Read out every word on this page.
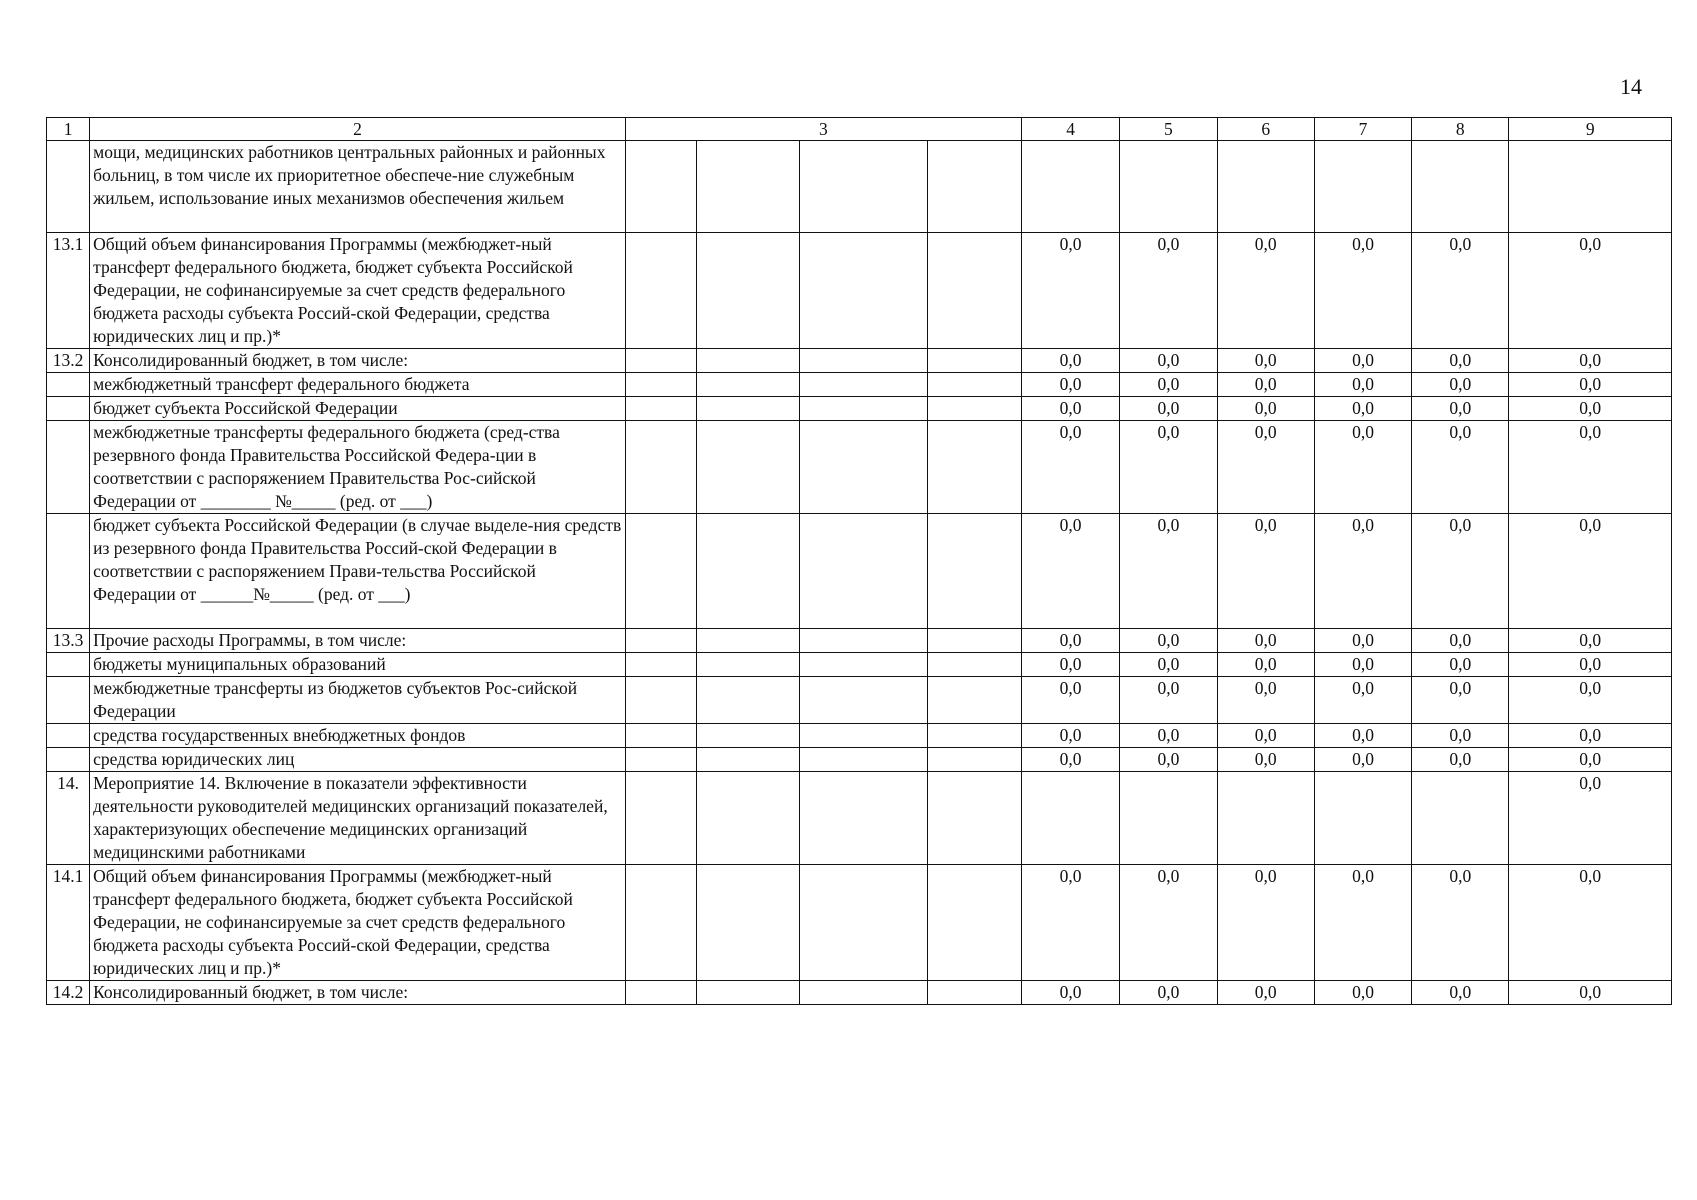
14
1	2	3				4	5	6	7	8	9
	мощи, медицинских работников центральных районных и районных больниц, в том числе их приоритетное обеспече-ние служебным жильем, использование иных механизмов обеспечения жильем										
13.1	Общий объем финансирования Программы (межбюджет-ный трансферт федерального бюджета, бюджет субъекта Российской Федерации, не софинансируемые за счет средств федерального бюджета расходы субъекта Россий-ской Федерации, средства юридических лиц и пр.)*					0,0	0,0	0,0	0,0	0,0	0,0
13.2	Консолидированный бюджет, в том числе:					0,0	0,0	0,0	0,0	0,0	0,0
	межбюджетный трансферт федерального бюджета					0,0	0,0	0,0	0,0	0,0	0,0
	бюджет субъекта Российской Федерации					0,0	0,0	0,0	0,0	0,0	0,0
	межбюджетные трансферты федерального бюджета (сред-ства резервного фонда Правительства Российской Федера-ции в соответствии с распоряжением Правительства Рос-сийской Федерации от ________ №_____ (ред. от ___)					0,0	0,0	0,0	0,0	0,0	0,0
	бюджет субъекта Российской Федерации (в случае выделе-ния средств из резервного фонда Правительства Россий-ской Федерации в соответствии с распоряжением Прави-тельства Российской Федерации от ______№_____ (ред. от ___)					0,0	0,0	0,0	0,0	0,0	0,0
13.3	Прочие расходы Программы, в том числе:					0,0	0,0	0,0	0,0	0,0	0,0
	бюджеты муниципальных образований					0,0	0,0	0,0	0,0	0,0	0,0
	межбюджетные трансферты из бюджетов субъектов Рос-сийской Федерации					0,0	0,0	0,0	0,0	0,0	0,0
	средства государственных внебюджетных фондов					0,0	0,0	0,0	0,0	0,0	0,0
	средства юридических лиц					0,0	0,0	0,0	0,0	0,0	0,0
14.	Мероприятие 14. Включение в показатели эффективности деятельности руководителей медицинских организаций показателей, характеризующих обеспечение медицинских организаций медицинскими работниками										0,0
14.1	Общий объем финансирования Программы (межбюджет-ный трансферт федерального бюджета, бюджет субъекта Российской Федерации, не софинансируемые за счет средств федерального бюджета расходы субъекта Россий-ской Федерации, средства юридических лиц и пр.)*					0,0	0,0	0,0	0,0	0,0	0,0
14.2	Консолидированный бюджет, в том числе:					0,0	0,0	0,0	0,0	0,0	0,0
